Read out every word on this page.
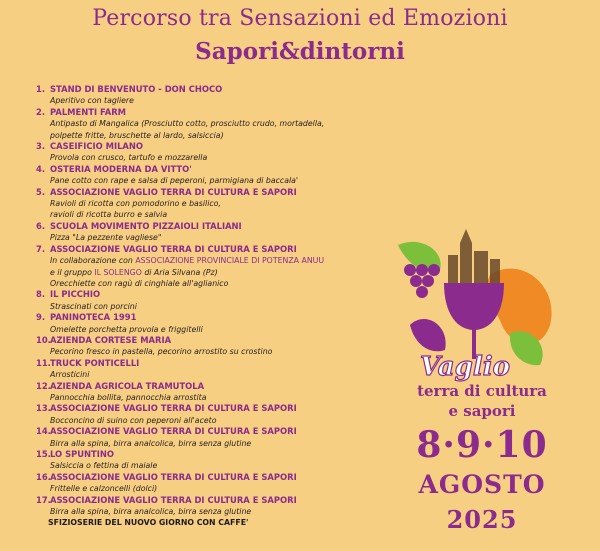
Percorso tra Sensazioni ed Emozioni
Sapori&dintorni
1. STAND DI BENVENUTO - DON CHOCO
Aperitivo con tagliere
2. PALMENTI FARM
Antipasto di Mangalica (Prosciutto cotto, prosciutto crudo, mortadella,
polpette fritte, bruschette al lardo, salsiccia)
3. CASEIFICIO MILANO
Provola con crusco, tartufo e mozzarella
4. OSTERIA MODERNA DA VITTO'
Pane cotto con rape e salsa di peperoni, parmigiana di baccala'
5. ASSOCIAZIONE VAGLIO TERRA DI CULTURA E SAPORI
Ravioli di ricotta con pomodorino e basilico,
ravioli di ricotta burro e salvia
6. SCUOLA MOVIMENTO PIZZAIOLI ITALIANI
Pizza "La pezzente vagliese"
7. ASSOCIAZIONE VAGLIO TERRA DI CULTURA E SAPORI
In collaborazione con ASSOCIAZIONE PROVINCIALE DI POTENZA ANUU
e il gruppo IL SOLENGO di Aria Silvana (Pz)
Orecchiette con ragù di cinghiale all'aglianico
8. IL PICCHIO
Strascinati con porcini
9. PANINOTECA 1991
Omelette porchetta provola e friggitelli
10.AZIENDA CORTESE MARIA
Pecorino fresco in pastella, pecorino arrostito su crostino
11.TRUCK PONTICELLI
Arrosticini
12.AZIENDA AGRICOLA TRAMUTOLA
Pannocchia bollita, pannocchia arrostita
13.ASSOCIAZIONE VAGLIO TERRA DI CULTURA E SAPORI
Bocconcino di suino con peperoni all'aceto
14.ASSOCIAZIONE VAGLIO TERRA DI CULTURA E SAPORI
Birra alla spina, birra analcolica, birra senza glutine
15.LO SPUNTINO
Salsiccia o fettina di maiale
16.ASSOCIAZIONE VAGLIO TERRA DI CULTURA E SAPORI
Frittelle e calzoncelli (dolci)
17.ASSOCIAZIONE VAGLIO TERRA DI CULTURA E SAPORI
Birra alla spina, birra analcolica, birra senza glutine
SFIZIOSERIE DEL NUOVO GIORNO CON CAFFE'
Vaglio
terra di cultura
e sapori
8·9·10
AGOSTO
2025
